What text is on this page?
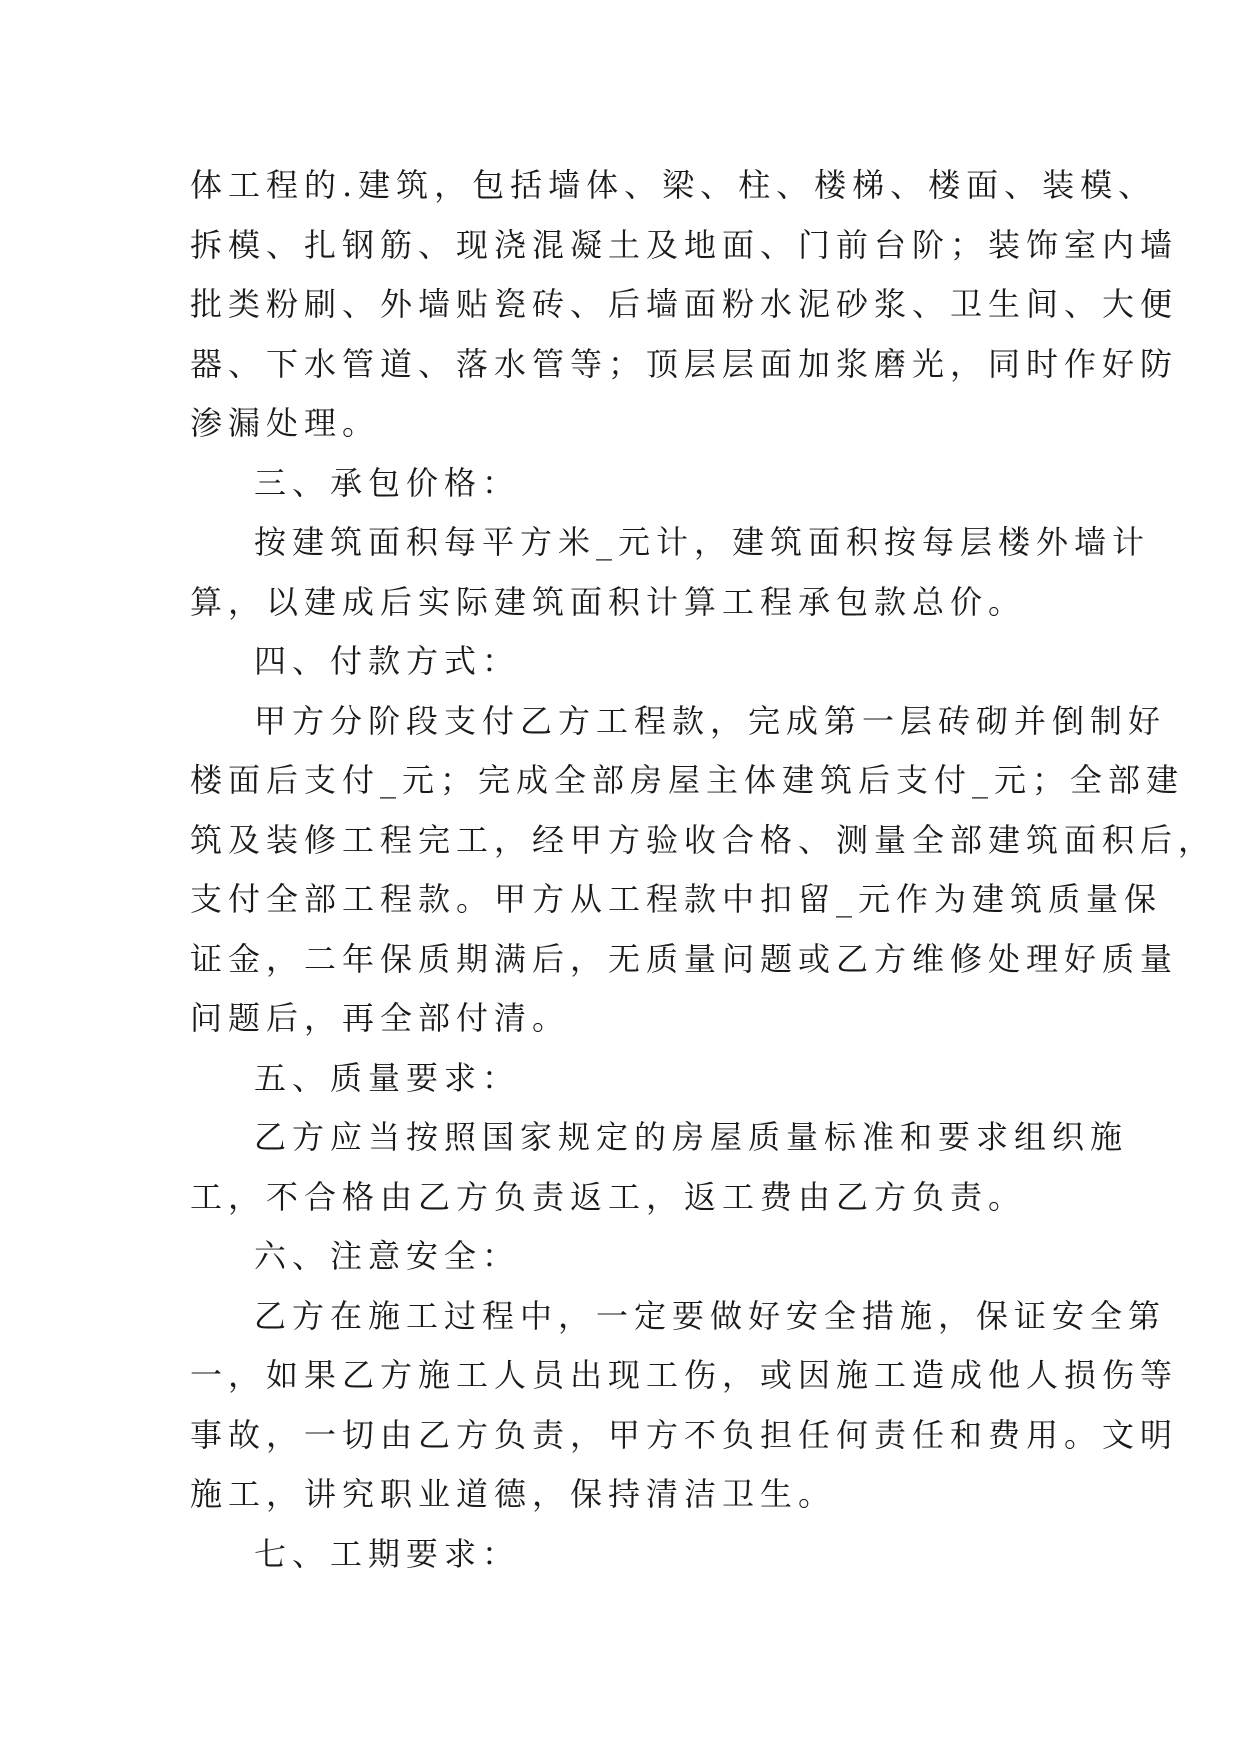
体工程的.建筑，包括墙体、梁、柱、楼梯、楼面、装模、
拆模、扎钢筋、现浇混凝土及地面、门前台阶；装饰室内墙
批类粉刷、外墙贴瓷砖、后墙面粉水泥砂浆、卫生间、大便
器、下水管道、落水管等；顶层层面加浆磨光，同时作好防
渗漏处理。
三、承包价格：
按建筑面积每平方米_元计，建筑面积按每层楼外墙计
算，以建成后实际建筑面积计算工程承包款总价。
四、付款方式：
甲方分阶段支付乙方工程款，完成第一层砖砌并倒制好
楼面后支付_元；完成全部房屋主体建筑后支付_元；全部建
筑及装修工程完工，经甲方验收合格、测量全部建筑面积后，
支付全部工程款。甲方从工程款中扣留_元作为建筑质量保
证金，二年保质期满后，无质量问题或乙方维修处理好质量
问题后，再全部付清。
五、质量要求：
乙方应当按照国家规定的房屋质量标准和要求组织施
工，不合格由乙方负责返工，返工费由乙方负责。
六、注意安全：
乙方在施工过程中，一定要做好安全措施，保证安全第
一，如果乙方施工人员出现工伤，或因施工造成他人损伤等
事故，一切由乙方负责，甲方不负担任何责任和费用。文明
施工，讲究职业道德，保持清洁卫生。
七、工期要求：
